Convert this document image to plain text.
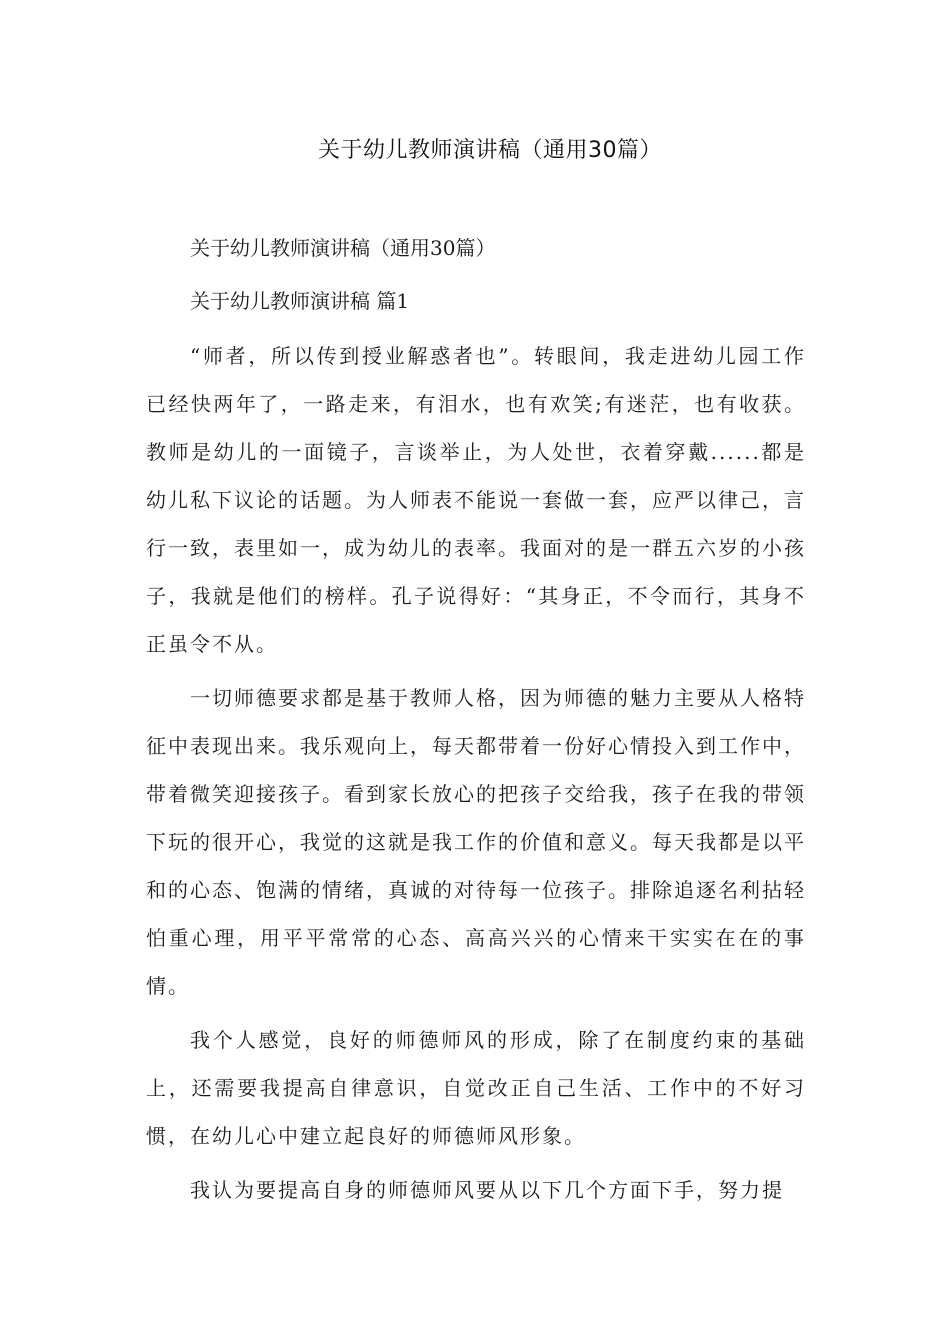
关于幼儿教师演讲稿（通用30篇）
关于幼儿教师演讲稿（通用30篇）
关于幼儿教师演讲稿 篇1

“师者，所以传到授业解惑者也”。转眼间，我走进幼儿园工作已经快两年了，一路走来，有泪水，也有欢笑;有迷茫，也有收获。教师是幼儿的一面镜子，言谈举止，为人处世，衣着穿戴......都是幼儿私下议论的话题。为人师表不能说一套做一套，应严以律己，言行一致，表里如一，成为幼儿的表率。我面对的是一群五六岁的小孩子，我就是他们的榜样。孔子说得好：“其身正，不令而行，其身不正虽令不从。

一切师德要求都是基于教师人格，因为师德的魅力主要从人格特征中表现出来。我乐观向上，每天都带着一份好心情投入到工作中，带着微笑迎接孩子。看到家长放心的把孩子交给我，孩子在我的带领下玩的很开心，我觉的这就是我工作的价值和意义。每天我都是以平和的心态、饱满的情绪，真诚的对待每一位孩子。排除追逐名利拈轻怕重心理，用平平常常的心态、高高兴兴的心情来干实实在在的事情。

我个人感觉，良好的师德师风的形成，除了在制度约束的基础上，还需要我提高自律意识，自觉改正自己生活、工作中的不好习惯，在幼儿心中建立起良好的师德师风形象。

我认为要提高自身的师德师风要从以下几个方面下手，努力提
